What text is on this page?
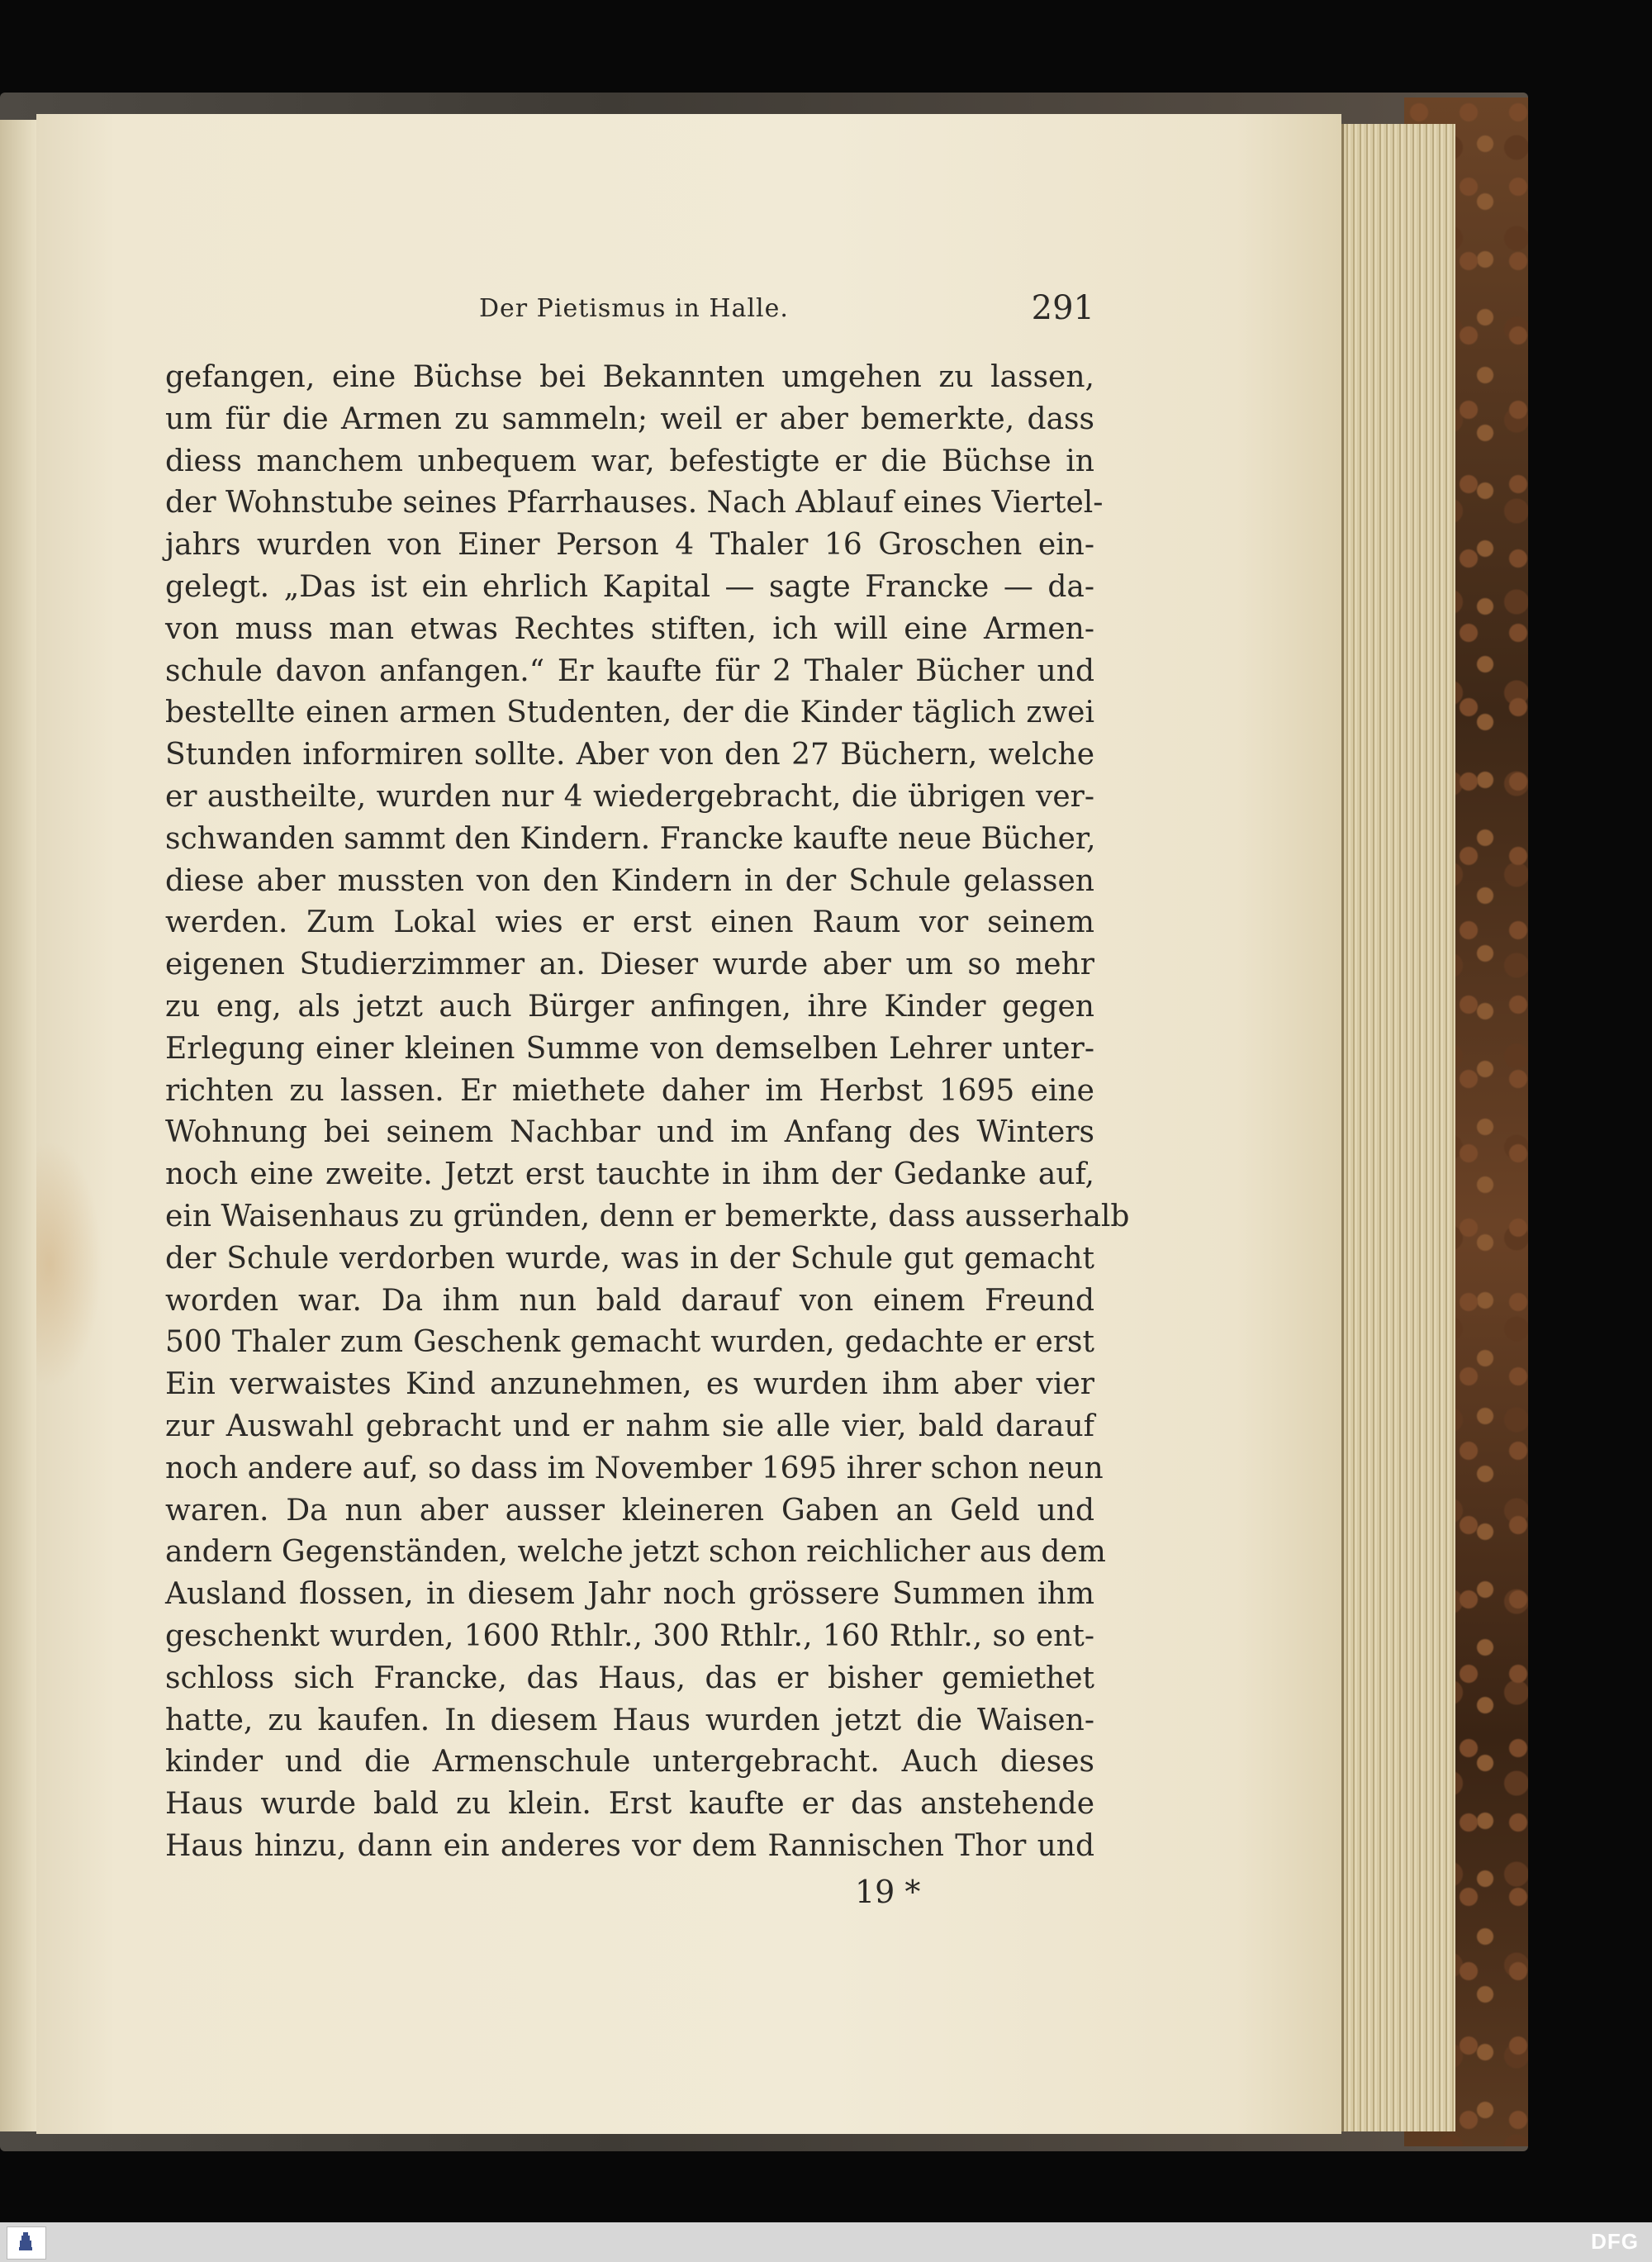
Der Pietismus in Halle.	291
gefangen, eine Büchse bei Bekannten umgehen zu lassen,
um für die Armen zu sammeln; weil er aber bemerkte, dass
diess manchem unbequem war, befestigte er die Büchse in
der Wohnstube seines Pfarrhauses. Nach Ablauf eines Viertel-
jahrs wurden von Einer Person 4 Thaler 16 Groschen ein-
gelegt. „Das ist ein ehrlich Kapital — sagte Francke — da-
von muss man etwas Rechtes stiften, ich will eine Armen-
schule davon anfangen.“ Er kaufte für 2 Thaler Bücher und
bestellte einen armen Studenten, der die Kinder täglich zwei
Stunden informiren sollte. Aber von den 27 Büchern, welche
er austheilte, wurden nur 4 wiedergebracht, die übrigen ver-
schwanden sammt den Kindern. Francke kaufte neue Bücher,
diese aber mussten von den Kindern in der Schule gelassen
werden. Zum Lokal wies er erst einen Raum vor seinem
eigenen Studierzimmer an. Dieser wurde aber um so mehr
zu eng, als jetzt auch Bürger anfingen, ihre Kinder gegen
Erlegung einer kleinen Summe von demselben Lehrer unter-
richten zu lassen. Er miethete daher im Herbst 1695 eine
Wohnung bei seinem Nachbar und im Anfang des Winters
noch eine zweite. Jetzt erst tauchte in ihm der Gedanke auf,
ein Waisenhaus zu gründen, denn er bemerkte, dass ausserhalb
der Schule verdorben wurde, was in der Schule gut gemacht
worden war. Da ihm nun bald darauf von einem Freund
500 Thaler zum Geschenk gemacht wurden, gedachte er erst
Ein verwaistes Kind anzunehmen, es wurden ihm aber vier
zur Auswahl gebracht und er nahm sie alle vier, bald darauf
noch andere auf, so dass im November 1695 ihrer schon neun
waren. Da nun aber ausser kleineren Gaben an Geld und
andern Gegenständen, welche jetzt schon reichlicher aus dem
Ausland flossen, in diesem Jahr noch grössere Summen ihm
geschenkt wurden, 1600 Rthlr., 300 Rthlr., 160 Rthlr., so ent-
schloss sich Francke, das Haus, das er bisher gemiethet
hatte, zu kaufen. In diesem Haus wurden jetzt die Waisen-
kinder und die Armenschule untergebracht. Auch dieses
Haus wurde bald zu klein. Erst kaufte er das anstehende
Haus hinzu, dann ein anderes vor dem Rannischen Thor und
19 *
DFG
